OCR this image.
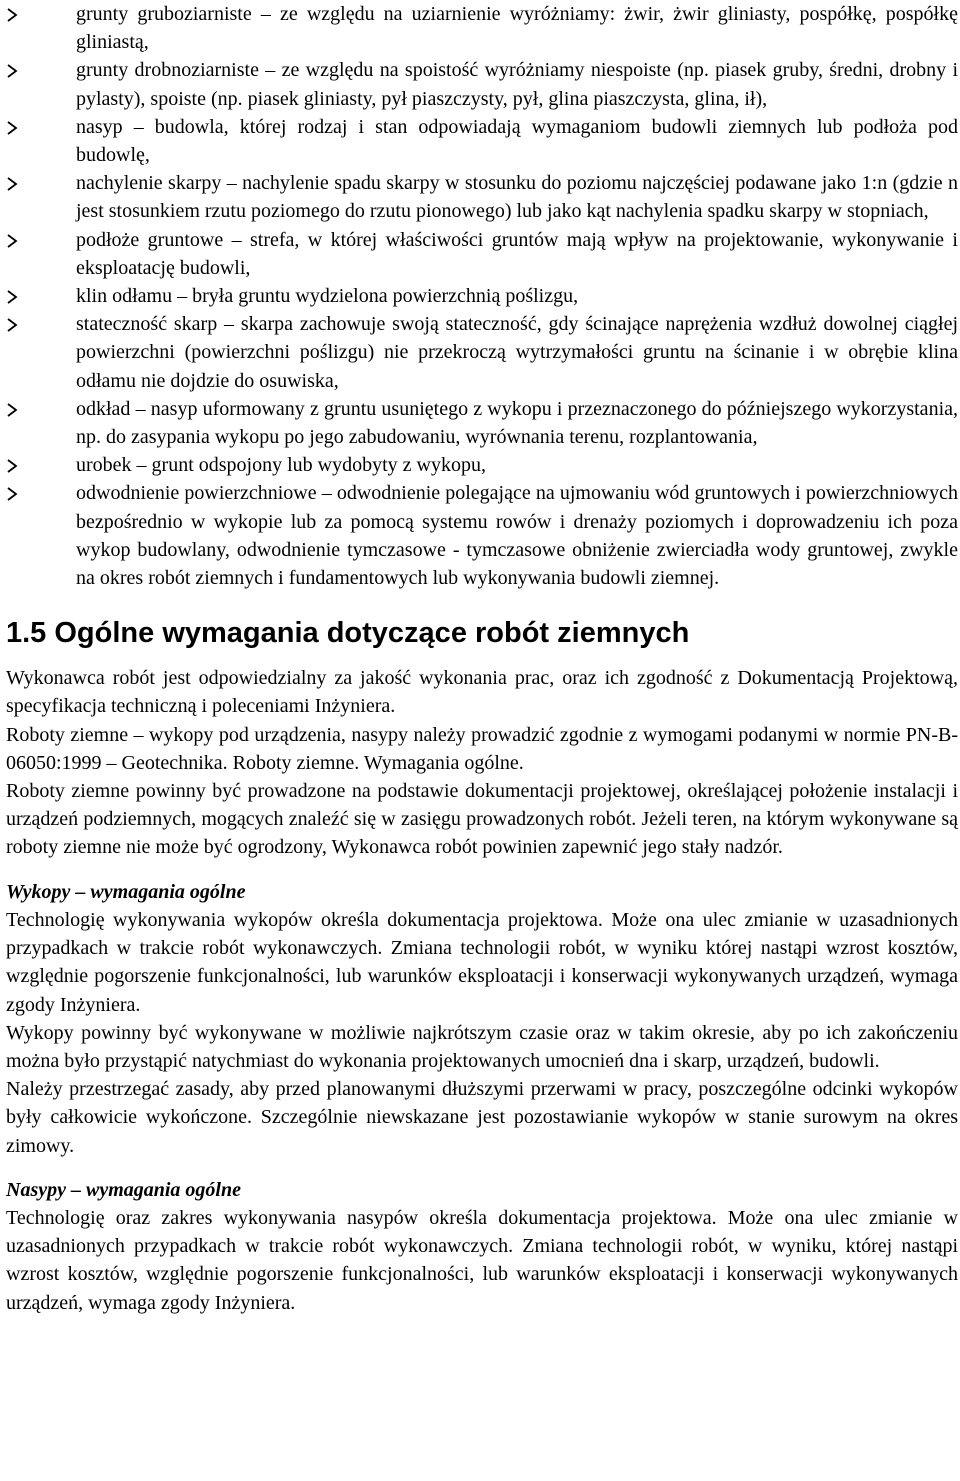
grunty gruboziarniste – ze względu na uziarnienie wyróżniamy: żwir, żwir gliniasty, pospółkę, pospółkę gliniastą,
grunty drobnoziarniste – ze względu na spoistość wyróżniamy niespoiste (np. piasek gruby, średni, drobny i pylasty), spoiste (np. piasek gliniasty, pył piaszczysty, pył, glina piaszczysta, glina, ił),
nasyp – budowla, której rodzaj i stan odpowiadają wymaganiom budowli ziemnych lub podłoża pod budowlę,
nachylenie skarpy – nachylenie spadu skarpy w stosunku do poziomu najczęściej podawane jako 1:n (gdzie n jest stosunkiem rzutu poziomego do rzutu pionowego) lub jako kąt nachylenia spadku skarpy w stopniach,
podłoże gruntowe – strefa, w której właściwości gruntów mają wpływ na projektowanie, wykonywanie i eksploatację budowli,
klin odłamu – bryła gruntu wydzielona powierzchnią poślizgu,
stateczność skarp – skarpa zachowuje swoją stateczność, gdy ścinające naprężenia wzdłuż dowolnej ciągłej powierzchni (powierzchni poślizgu) nie przekroczą wytrzymałości gruntu na ścinanie i w obrębie klina odłamu nie dojdzie do osuwiska,
odkład – nasyp uformowany z gruntu usuniętego z wykopu i przeznaczonego do późniejszego wykorzystania, np. do zasypania wykopu po jego zabudowaniu, wyrównania terenu, rozplantowania,
urobek – grunt odspojony lub wydobyty z wykopu,
odwodnienie powierzchniowe – odwodnienie polegające na ujmowaniu wód gruntowych i powierzchniowych bezpośrednio w wykopie lub za pomocą systemu rowów i drenaży poziomych i doprowadzeniu ich poza wykop budowlany, odwodnienie tymczasowe - tymczasowe obniżenie zwierciadła wody gruntowej, zwykle na okres robót ziemnych i fundamentowych lub wykonywania budowli ziemnej.
1.5 Ogólne wymagania dotyczące robót ziemnych

Wykonawca robót jest odpowiedzialny za jakość wykonania prac, oraz ich zgodność z Dokumentacją Projektową, specyfikacja techniczną i poleceniami Inżyniera.

Roboty ziemne – wykopy pod urządzenia, nasypy należy prowadzić zgodnie z wymogami podanymi w normie PN-B-06050:1999 – Geotechnika. Roboty ziemne. Wymagania ogólne.

Roboty ziemne powinny być prowadzone na podstawie dokumentacji projektowej, określającej położenie instalacji i urządzeń podziemnych, mogących znaleźć się w zasięgu prowadzonych robót. Jeżeli teren, na którym wykonywane są roboty ziemne nie może być ogrodzony, Wykonawca robót powinien zapewnić jego stały nadzór.

Wykopy – wymagania ogólne

Technologię wykonywania wykopów określa dokumentacja projektowa. Może ona ulec zmianie w uzasadnionych przypadkach w trakcie robót wykonawczych. Zmiana technologii robót, w wyniku której nastąpi wzrost kosztów, względnie pogorszenie funkcjonalności, lub warunków eksploatacji i konserwacji wykonywanych urządzeń, wymaga zgody Inżyniera.

Wykopy powinny być wykonywane w możliwie najkrótszym czasie oraz w takim okresie, aby po ich zakończeniu można było przystąpić natychmiast do wykonania projektowanych umocnień dna i skarp, urządzeń, budowli.

Należy przestrzegać zasady, aby przed planowanymi dłuższymi przerwami w pracy, poszczególne odcinki wykopów były całkowicie wykończone. Szczególnie niewskazane jest pozostawianie wykopów w stanie surowym na okres zimowy.

Nasypy – wymagania ogólne

Technologię oraz zakres wykonywania nasypów określa dokumentacja projektowa. Może ona ulec zmianie w uzasadnionych przypadkach w trakcie robót wykonawczych. Zmiana technologii robót, w wyniku, której nastąpi wzrost kosztów, względnie pogorszenie funkcjonalności, lub warunków eksploatacji i konserwacji wykonywanych urządzeń, wymaga zgody Inżyniera.
